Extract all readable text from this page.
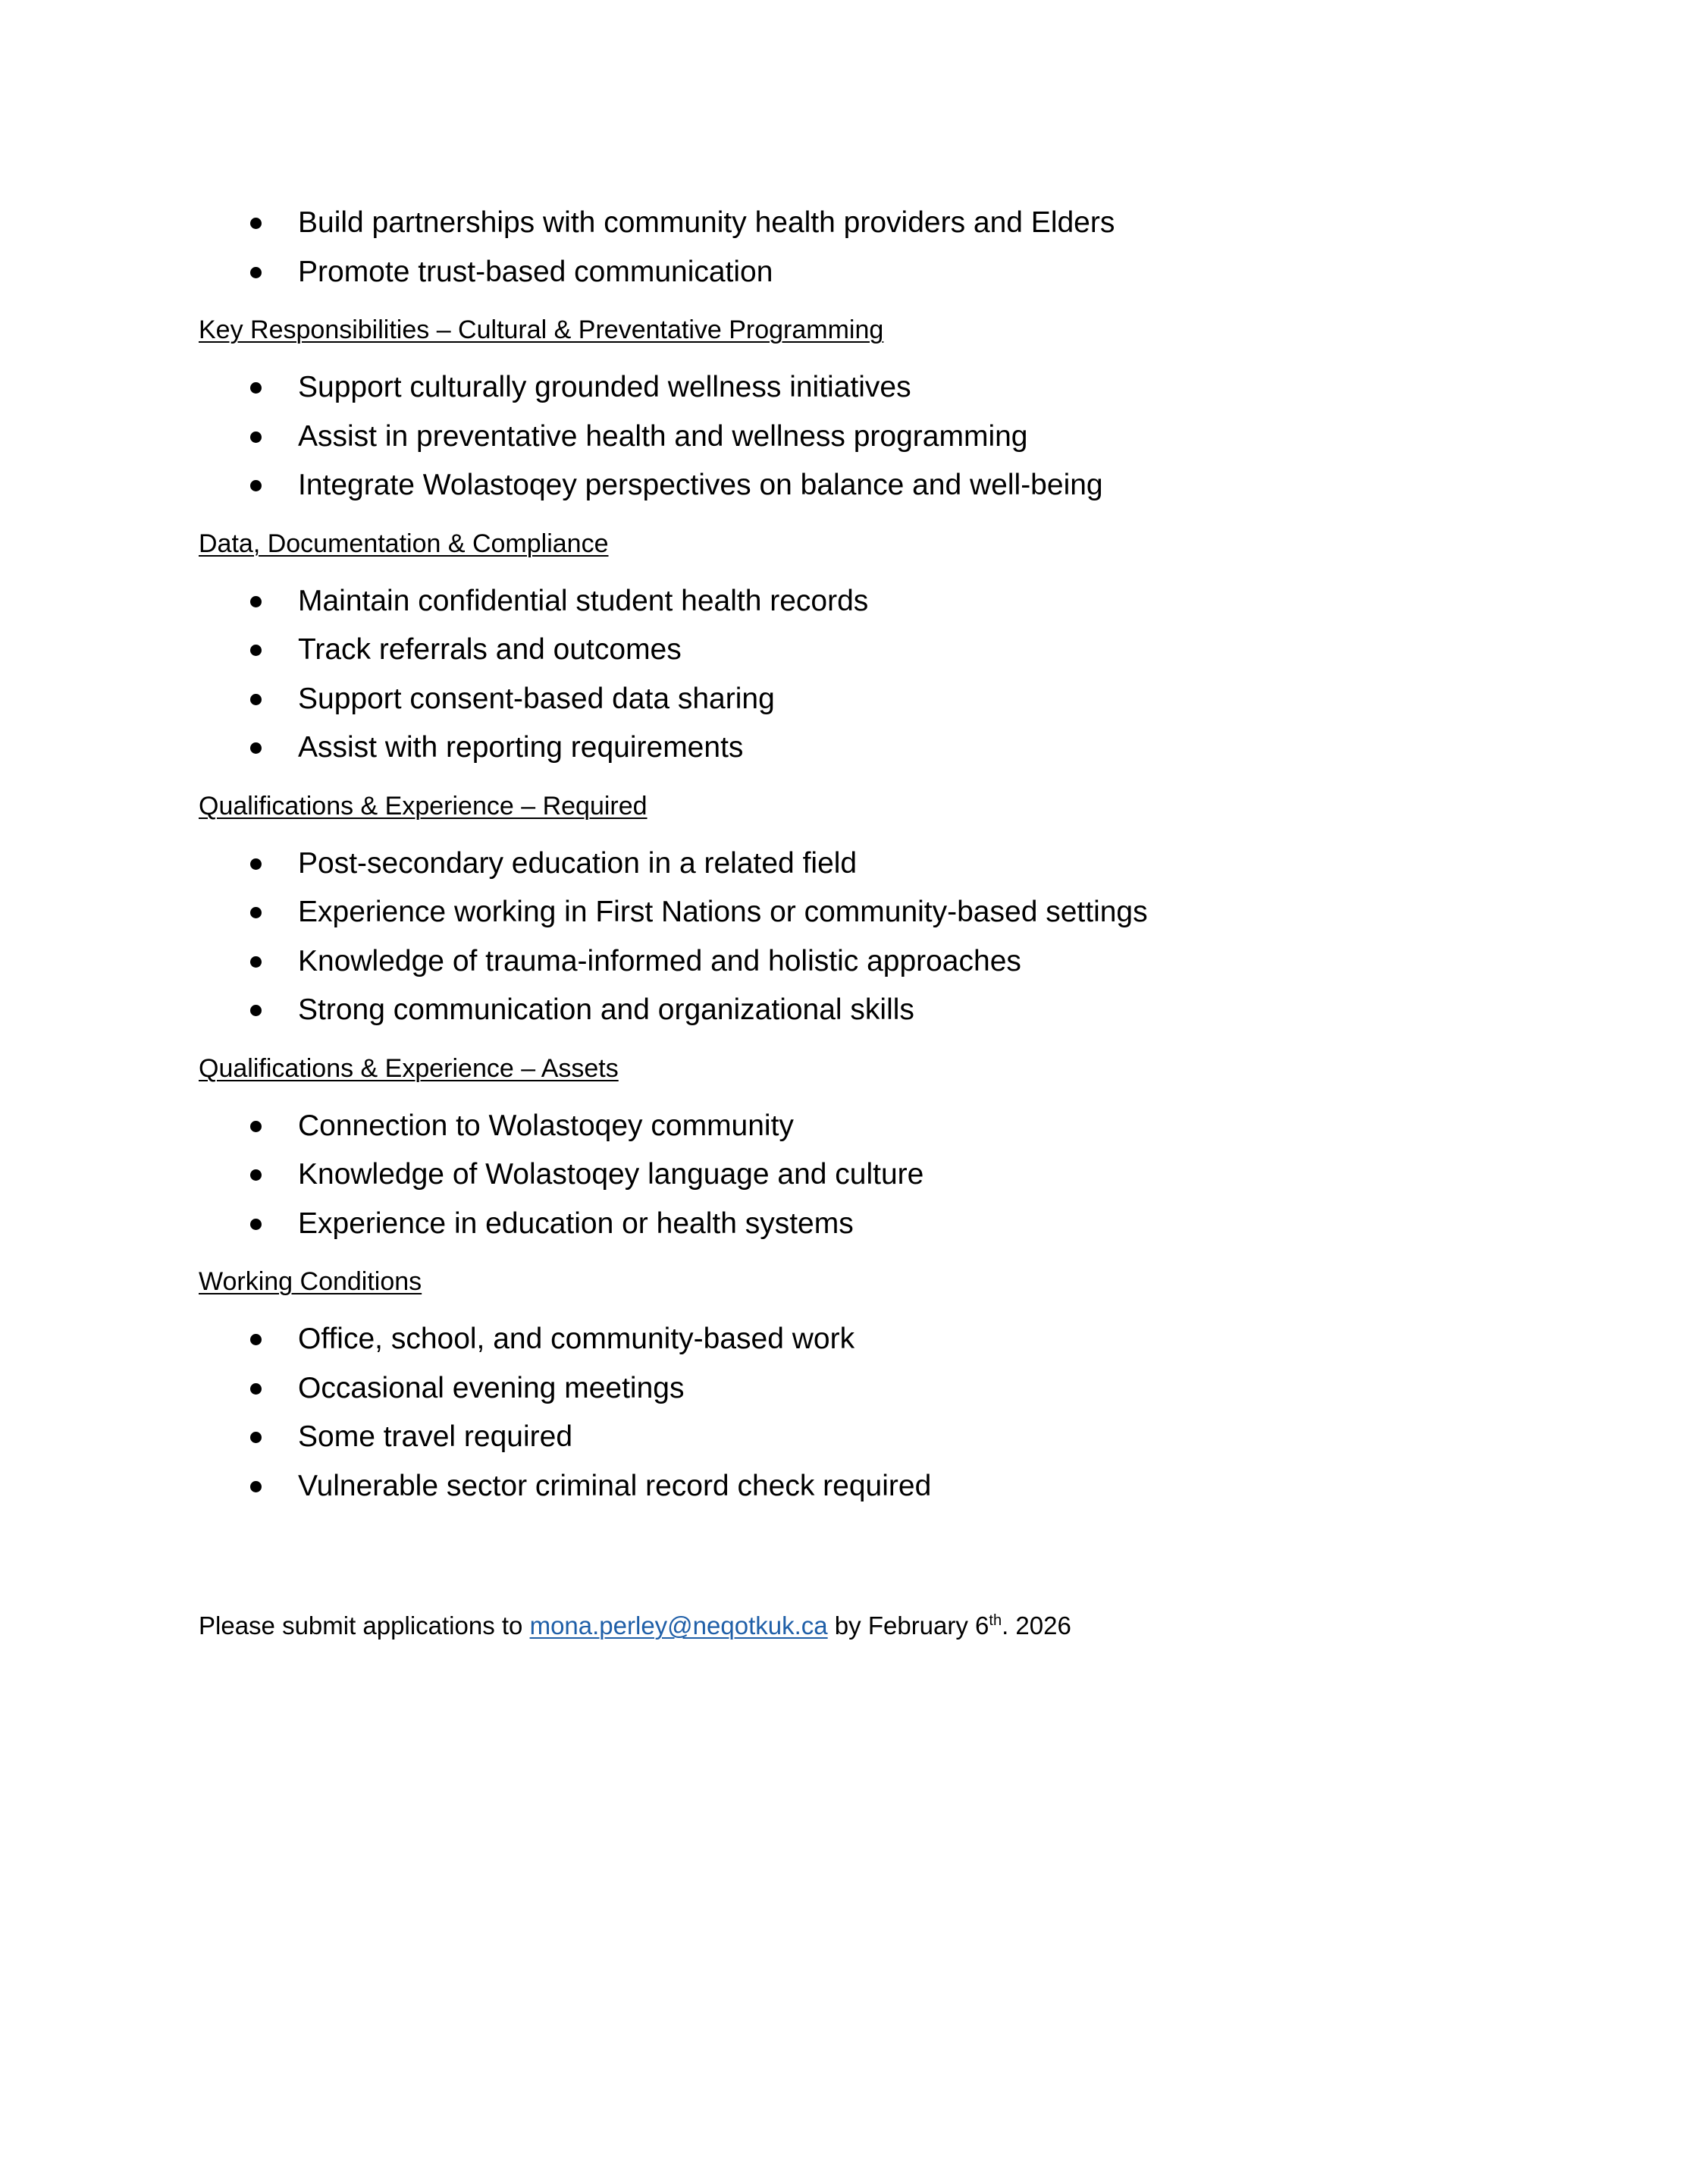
Build partnerships with community health providers and Elders
Promote trust-based communication
Key Responsibilities – Cultural & Preventative Programming
Support culturally grounded wellness initiatives
Assist in preventative health and wellness programming
Integrate Wolastoqey perspectives on balance and well-being
Data, Documentation & Compliance
Maintain confidential student health records
Track referrals and outcomes
Support consent-based data sharing
Assist with reporting requirements
Qualifications & Experience – Required
Post-secondary education in a related field
Experience working in First Nations or community-based settings
Knowledge of trauma-informed and holistic approaches
Strong communication and organizational skills
Qualifications & Experience – Assets
Connection to Wolastoqey community
Knowledge of Wolastoqey language and culture
Experience in education or health systems
Working Conditions
Office, school, and community-based work
Occasional evening meetings
Some travel required
Vulnerable sector criminal record check required
Please submit applications to mona.perley@neqotkuk.ca by February 6th. 2026
